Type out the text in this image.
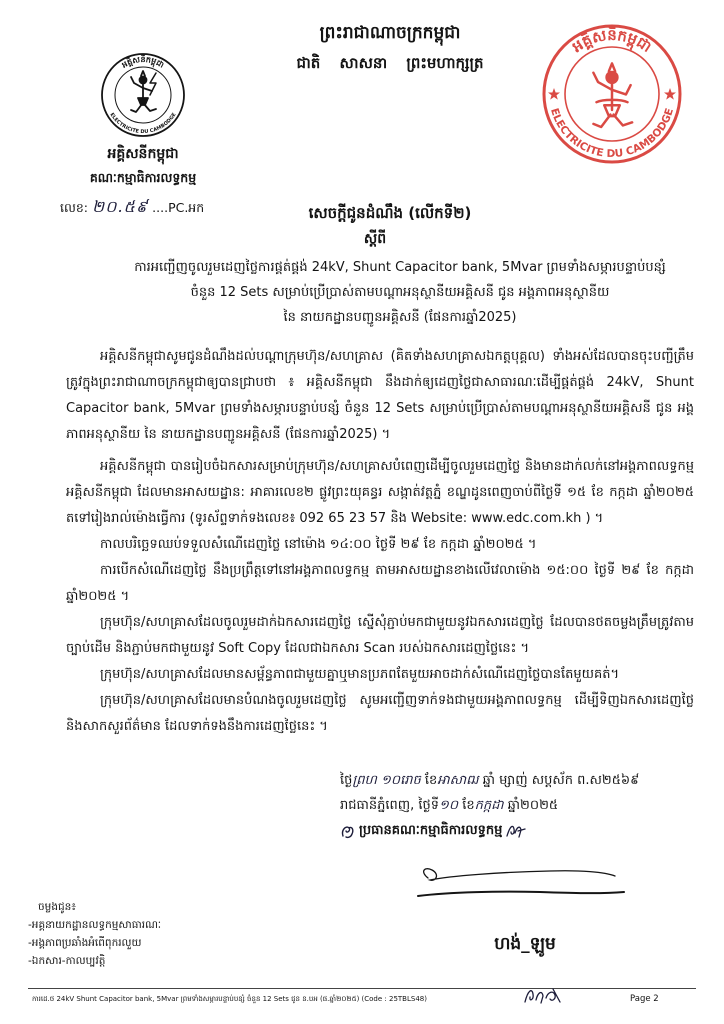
ព្រះរាជាណាចក្រកម្ពុជា
ជាតិ សាសនា ព្រះមហាក្សត្រ
អគ្គិសនីកម្ពុជា
ELECTRICITE DU CAMBODGE
អគ្គិសនីកម្ពុជា
ELECTRICITE DU CAMBODGE
អគ្គិសនីកម្ពុជា
គណៈកម្មាធិការលទ្ធកម្ម
លេខ: ២០.៥៩ ....PC.អក	សេចក្តីជូនដំណឹង (លើកទី២)
ស្តីពី
ការអញ្ជើញចូលរួមដេញថ្លៃការផ្គត់ផ្គង់ 24kV, Shunt Capacitor bank, 5Mvar ព្រមទាំងសម្ភារបន្ទាប់បន្សំ
ចំនួន 12 Sets សម្រាប់ប្រើប្រាស់តាមបណ្តាអនុស្ថានីយអគ្គិសនី ជូន អង្គភាពអនុស្ថានីយ
នៃ នាយកដ្ឋានបញ្ជូនអគ្គិសនី (ផែនការឆ្នាំ2025)

អគ្គិសនីកម្ពុជាសូមជូនដំណឹងដល់បណ្តាក្រុមហ៊ុន/សហគ្រាស (គិតទាំងសហគ្រាសឯកត្តបុគ្គល) ទាំងអស់ដែលបានចុះបញ្ជីត្រឹមត្រូវក្នុងព្រះរាជាណាចក្រកម្ពុជាឲ្យបានជ្រាបថា ៖ អគ្គិសនីកម្ពុជា នឹងដាក់ឲ្យដេញថ្លៃជាសាធារណៈដើម្បីផ្គត់ផ្គង់ 24kV, Shunt Capacitor bank, 5Mvar ព្រមទាំងសម្ភារបន្ទាប់បន្សំ ចំនួន 12 Sets សម្រាប់ប្រើប្រាស់តាមបណ្តាអនុស្ថានីយអគ្គិសនី ជូន អង្គភាពអនុស្ថានីយ នៃ នាយកដ្ឋានបញ្ជូនអគ្គិសនី (ផែនការឆ្នាំ2025) ។

អគ្គិសនីកម្ពុជា បានរៀបចំឯកសារសម្រាប់ក្រុមហ៊ុន/សហគ្រាសបំពេញដើម្បីចូលរួមដេញថ្លៃ និងមានដាក់លក់នៅអង្គភាពលទ្ធកម្មអគ្គិសនីកម្ពុជា ដែលមានអាសយដ្ឋាន: អាគារលេខ២ ផ្លូវព្រះយុគន្ធរ សង្កាត់វត្តភ្នំ ខណ្ឌដូនពេញចាប់ពីថ្ងៃទី ១៥ ខែ កក្កដា ឆ្នាំ២០២៥ តទៅរៀងរាល់ម៉ោងធ្វើការ (ទូរស័ព្ទទាក់ទងលេខ៖ 092 65 23 57 និង Website: www.edc.com.kh ) ។

កាលបរិច្ឆេទឈប់ទទួលសំណើដេញថ្លៃ នៅម៉ោង ១៤:០០ ថ្ងៃទី ២៩ ខែ កក្កដា ឆ្នាំ២០២៥ ។

ការបើកសំណើដេញថ្លៃ នឹងប្រព្រឹត្តទៅនៅអង្គភាពលទ្ធកម្ម តាមអាសយដ្ឋានខាងលើវេលាម៉ោង ១៥:០០ ថ្ងៃទី ២៩ ខែ កក្កដា ឆ្នាំ២០២៥ ។

ក្រុមហ៊ុន/សហគ្រាសដែលចូលរួមដាក់ឯកសារដេញថ្លៃ ស្នើសុំភ្ជាប់មកជាមួយនូវឯកសារដេញថ្លៃ ដែលបានថតចម្លងត្រឹមត្រូវតាមច្បាប់ដើម និងភ្ជាប់មកជាមួយនូវ Soft Copy ដែលជាឯកសារ Scan របស់ឯកសារដេញថ្លៃនេះ ។

ក្រុមហ៊ុន/សហគ្រាសដែលមានសម្ព័ន្ធភាពជាមួយគ្នាឬមានប្រភពតែមួយអាចដាក់សំណើដេញថ្លៃបានតែមួយគត់។

ក្រុមហ៊ុន/សហគ្រាសដែលមានបំណងចូលរួមដេញថ្លៃ សូមអញ្ជើញទាក់ទងជាមួយអង្គភាពលទ្ធកម្ម ដើម្បីទិញឯកសារដេញថ្លៃ និងសាកសួរព័ត៌មាន ដែលទាក់ទងនឹងការដេញថ្លៃនេះ ។

ថ្ងៃព្រហ ១០រោច ខែអាសាឍ ឆ្នាំ ម្សាញ់ សប្តស័ក ព.ស២៥៦៩
រាជធានីភ្នំពេញ, ថ្ងៃទី១០ ខែកក្កដា ឆ្នាំ២០២៥
ប្រធានគណៈកម្មាធិការលទ្ធកម្ម
ហង់_ឡូម
ចម្លងជូន៖
-អគ្គនាយកដ្ឋានលទ្ធកម្មសាធារណៈ
-អង្គភាពប្រឆាំងអំពើពុករលួយ
-ឯកសារ-កាលប្បវត្តិ
ការដេ.ថ 24kV Shunt Capacitor bank, 5Mvar ព្រមទាំងសម្ភារបន្ទាប់បន្សំ ចំនួន 12 Sets ជូន ន.បអ (ផ.ឆ្នាំ២០២៥) (Code : 25TBLS48)	Page 2
